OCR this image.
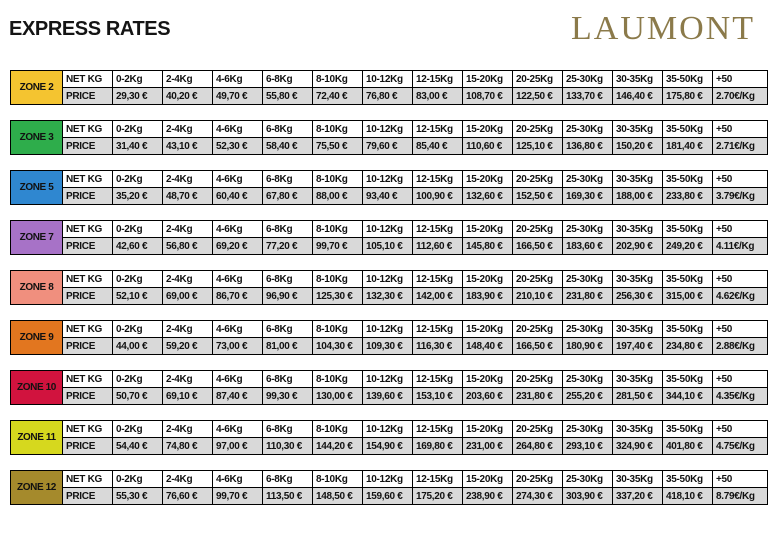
EXPRESS RATES	LAUMONT
ZONE 2	NET KG	0-2Kg	2-4Kg	4-6Kg	6-8Kg	8-10Kg	10-12Kg	12-15Kg	15-20Kg	20-25Kg	25-30Kg	30-35Kg	35-50Kg	+50
	PRICE	29,30 €	40,20 €	49,70 €	55,80 €	72,40 €	76,80 €	83,00 €	108,70 €	122,50 €	133,70 €	146,40 €	175,80 €	2.70€/Kg
ZONE 3	NET KG	0-2Kg	2-4Kg	4-6Kg	6-8Kg	8-10Kg	10-12Kg	12-15Kg	15-20Kg	20-25Kg	25-30Kg	30-35Kg	35-50Kg	+50
	PRICE	31,40 €	43,10 €	52,30 €	58,40 €	75,50 €	79,60 €	85,40 €	110,60 €	125,10 €	136,80 €	150,20 €	181,40 €	2.71€/Kg
ZONE 5	NET KG	0-2Kg	2-4Kg	4-6Kg	6-8Kg	8-10Kg	10-12Kg	12-15Kg	15-20Kg	20-25Kg	25-30Kg	30-35Kg	35-50Kg	+50
	PRICE	35,20 €	48,70 €	60,40 €	67,80 €	88,00 €	93,40 €	100,90 €	132,60 €	152,50 €	169,30 €	188,00 €	233,80 €	3.79€/Kg
ZONE 7	NET KG	0-2Kg	2-4Kg	4-6Kg	6-8Kg	8-10Kg	10-12Kg	12-15Kg	15-20Kg	20-25Kg	25-30Kg	30-35Kg	35-50Kg	+50
	PRICE	42,60 €	56,80 €	69,20 €	77,20 €	99,70 €	105,10 €	112,60 €	145,80 €	166,50 €	183,60 €	202,90 €	249,20 €	4.11€/Kg
ZONE 8	NET KG	0-2Kg	2-4Kg	4-6Kg	6-8Kg	8-10Kg	10-12Kg	12-15Kg	15-20Kg	20-25Kg	25-30Kg	30-35Kg	35-50Kg	+50
	PRICE	52,10 €	69,00 €	86,70 €	96,90 €	125,30 €	132,30 €	142,00 €	183,90 €	210,10 €	231,80 €	256,30 €	315,00 €	4.62€/Kg
ZONE 9	NET KG	0-2Kg	2-4Kg	4-6Kg	6-8Kg	8-10Kg	10-12Kg	12-15Kg	15-20Kg	20-25Kg	25-30Kg	30-35Kg	35-50Kg	+50
	PRICE	44,00 €	59,20 €	73,00 €	81,00 €	104,30 €	109,30 €	116,30 €	148,40 €	166,50 €	180,90 €	197,40 €	234,80 €	2.88€/Kg
ZONE 10	NET KG	0-2Kg	2-4Kg	4-6Kg	6-8Kg	8-10Kg	10-12Kg	12-15Kg	15-20Kg	20-25Kg	25-30Kg	30-35Kg	35-50Kg	+50
	PRICE	50,70 €	69,10 €	87,40 €	99,30 €	130,00 €	139,60 €	153,10 €	203,60 €	231,80 €	255,20 €	281,50 €	344,10 €	4.35€/Kg
ZONE 11	NET KG	0-2Kg	2-4Kg	4-6Kg	6-8Kg	8-10Kg	10-12Kg	12-15Kg	15-20Kg	20-25Kg	25-30Kg	30-35Kg	35-50Kg	+50
	PRICE	54,40 €	74,80 €	97,00 €	110,30 €	144,20 €	154,90 €	169,80 €	231,00 €	264,80 €	293,10 €	324,90 €	401,80 €	4.75€/Kg
ZONE 12	NET KG	0-2Kg	2-4Kg	4-6Kg	6-8Kg	8-10Kg	10-12Kg	12-15Kg	15-20Kg	20-25Kg	25-30Kg	30-35Kg	35-50Kg	+50
	PRICE	55,30 €	76,60 €	99,70 €	113,50 €	148,50 €	159,60 €	175,20 €	238,90 €	274,30 €	303,90 €	337,20 €	418,10 €	8.79€/Kg
